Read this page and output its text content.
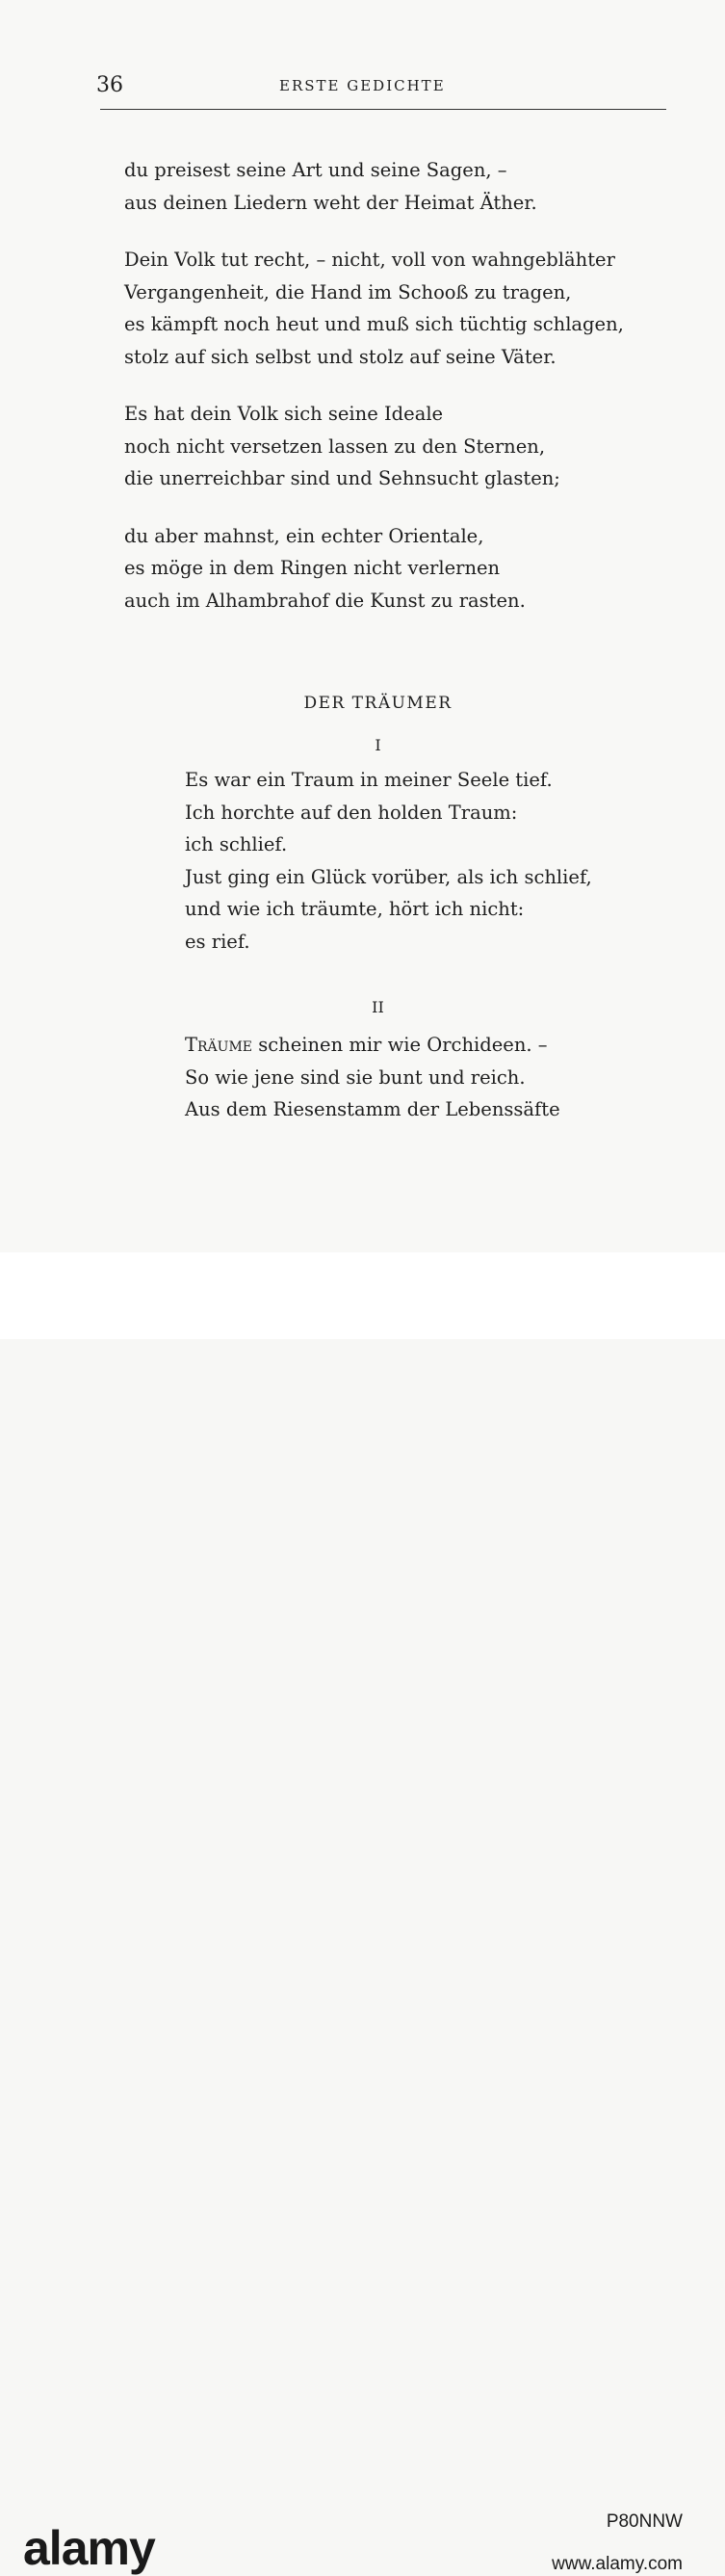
36	ERSTE GEDICHTE
du preisest seine Art und seine Sagen, –
aus deinen Liedern weht der Heimat Äther.
Dein Volk tut recht, – nicht, voll von wahngeblähter
Vergangenheit, die Hand im Schooß zu tragen,
es kämpft noch heut und muß sich tüchtig schlagen,
stolz auf sich selbst und stolz auf seine Väter.
Es hat dein Volk sich seine Ideale
noch nicht versetzen lassen zu den Sternen,
die unerreichbar sind und Sehnsucht glasten;
du aber mahnst, ein echter Orientale,
es möge in dem Ringen nicht verlernen
auch im Alhambrahof die Kunst zu rasten.
DER TRÄUMER
I
Es war ein Traum in meiner Seele tief.
Ich horchte auf den holden Traum:
ich schlief.
Just ging ein Glück vorüber, als ich schlief,
und wie ich träumte, hört ich nicht:
es rief.
II
Träume scheinen mir wie Orchideen. –
So wie jene sind sie bunt und reich.
Aus dem Riesenstamm der Lebenssäfte
alamy	P80NNW
www.alamy.com
